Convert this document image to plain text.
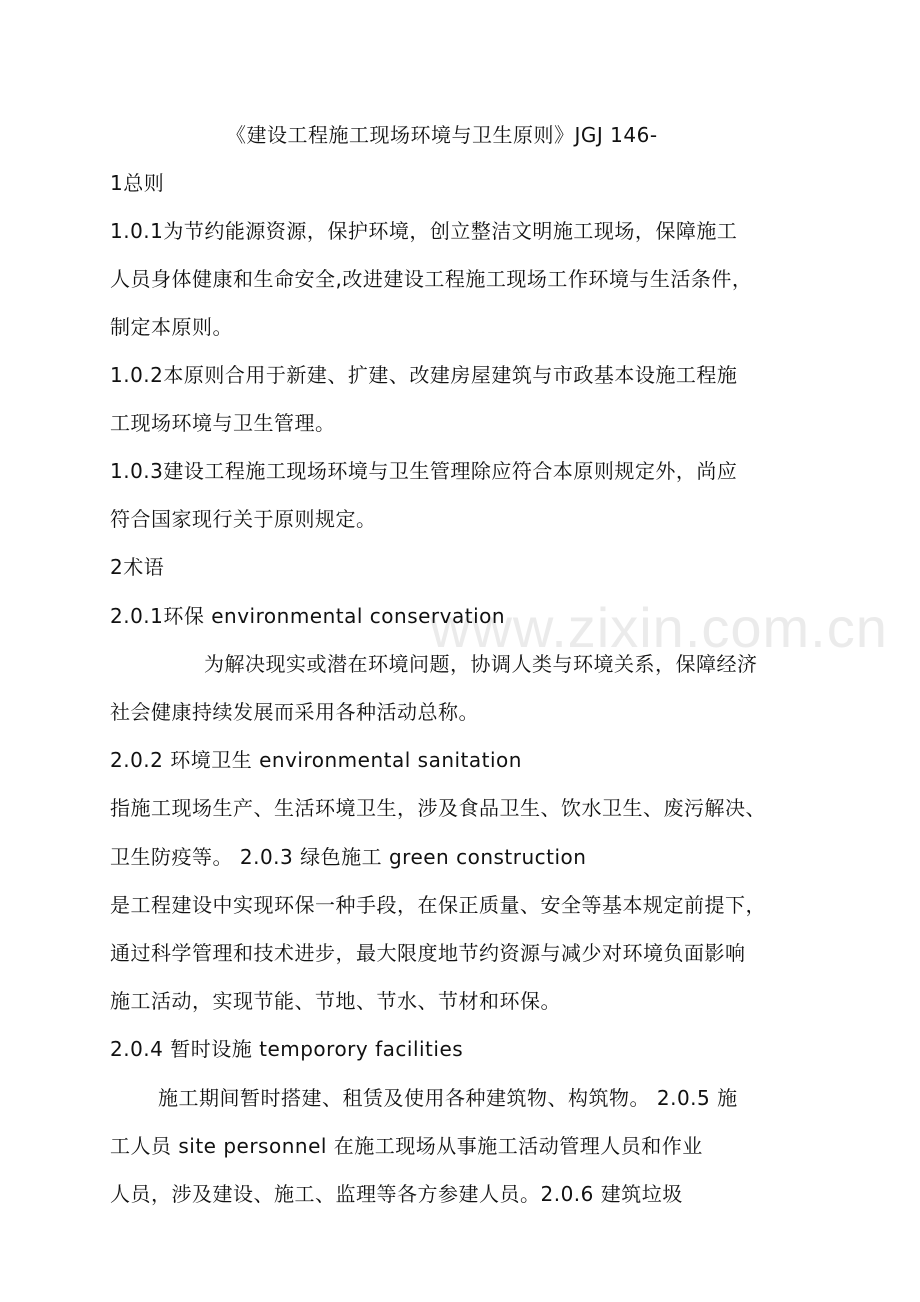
www.zixin.com.cn
《建设工程施工现场环境与卫生原则》JGJ 146-
1总则
1.0.1为节约能源资源，保护环境，创立整洁文明施工现场，保障施工
人员身体健康和生命安全,改进建设工程施工现场工作环境与生活条件，
制定本原则。
1.0.2本原则合用于新建、扩建、改建房屋建筑与市政基本设施工程施
工现场环境与卫生管理。
1.0.3建设工程施工现场环境与卫生管理除应符合本原则规定外，尚应
符合国家现行关于原则规定。
2术语
2.0.1环保 environmental conservation
为解决现实或潜在环境问题，协调人类与环境关系，保障经济
社会健康持续发展而采用各种活动总称。
2.0.2 环境卫生 environmental sanitation
指施工现场生产、生活环境卫生，涉及食品卫生、饮水卫生、废污解决、
卫生防疫等。 2.0.3 绿色施工 green construction
是工程建设中实现环保一种手段，在保正质量、安全等基本规定前提下，
通过科学管理和技术进步，最大限度地节约资源与减少对环境负面影响
施工活动，实现节能、节地、节水、节材和环保。
2.0.4 暂时设施 temporory facilities
施工期间暂时搭建、租赁及使用各种建筑物、构筑物。 2.0.5 施
工人员 site personnel 在施工现场从事施工活动管理人员和作业
人员，涉及建设、施工、监理等各方参建人员。2.0.6 建筑垃圾
